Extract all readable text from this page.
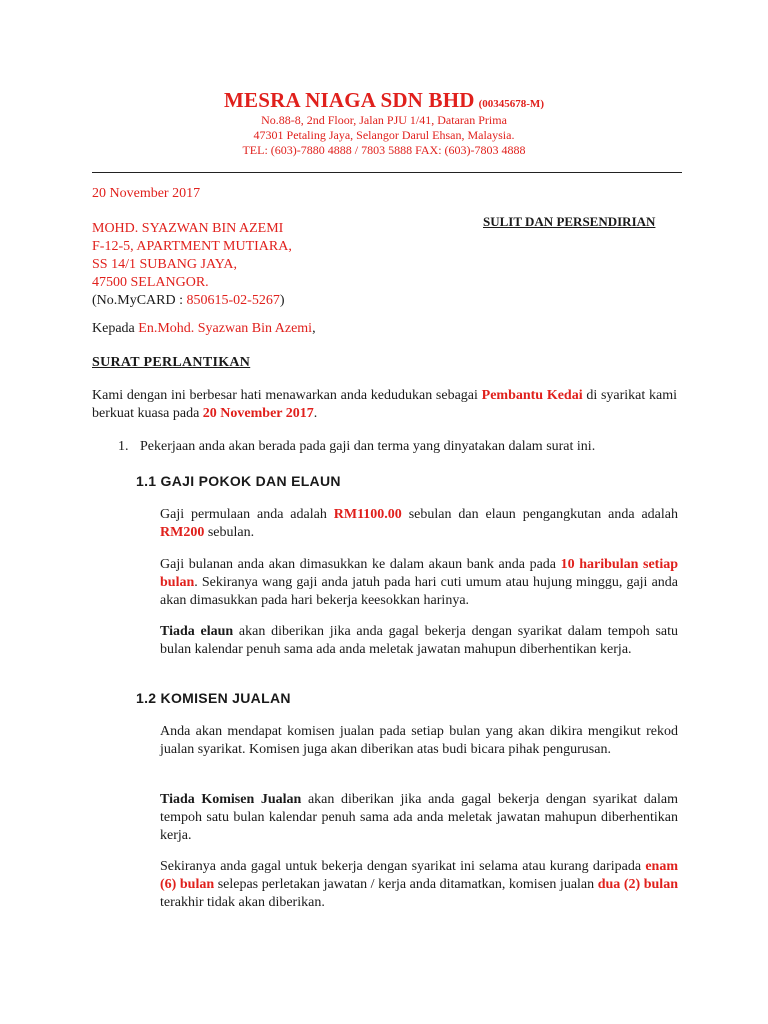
MESRA NIAGA SDN BHD (00345678-M)
No.88-8, 2nd Floor, Jalan PJU 1/41, Dataran Prima
47301 Petaling Jaya, Selangor Darul Ehsan, Malaysia.
TEL: (603)-7880 4888 / 7803 5888 FAX: (603)-7803 4888
20 November 2017
SULIT DAN PERSENDIRIAN
MOHD. SYAZWAN BIN AZEMI
F-12-5, APARTMENT MUTIARA,
SS 14/1 SUBANG JAYA,
47500 SELANGOR.
(No.MyCARD : 850615-02-5267)
Kepada En.Mohd. Syazwan Bin Azemi,
SURAT PERLANTIKAN
Kami dengan ini berbesar hati menawarkan anda kedudukan sebagai Pembantu Kedai di syarikat kami berkuat kuasa pada 20 November 2017.
1. Pekerjaan anda akan berada pada gaji dan terma yang dinyatakan dalam surat ini.
1.1 GAJI POKOK DAN ELAUN
Gaji permulaan anda adalah RM1100.00 sebulan dan elaun pengangkutan anda adalah RM200 sebulan.
Gaji bulanan anda akan dimasukkan ke dalam akaun bank anda pada 10 haribulan setiap bulan. Sekiranya wang gaji anda jatuh pada hari cuti umum atau hujung minggu, gaji anda akan dimasukkan pada hari bekerja keesokkan harinya.
Tiada elaun akan diberikan jika anda gagal bekerja dengan syarikat dalam tempoh satu bulan kalendar penuh sama ada anda meletak jawatan mahupun diberhentikan kerja.
1.2 KOMISEN JUALAN
Anda akan mendapat komisen jualan pada setiap bulan yang akan dikira mengikut rekod jualan syarikat. Komisen juga akan diberikan atas budi bicara pihak pengurusan.
Tiada Komisen Jualan akan diberikan jika anda gagal bekerja dengan syarikat dalam tempoh satu bulan kalendar penuh sama ada anda meletak jawatan mahupun diberhentikan kerja.
Sekiranya anda gagal untuk bekerja dengan syarikat ini selama atau kurang daripada enam (6) bulan selepas perletakan jawatan / kerja anda ditamatkan, komisen jualan dua (2) bulan terakhir tidak akan diberikan.
